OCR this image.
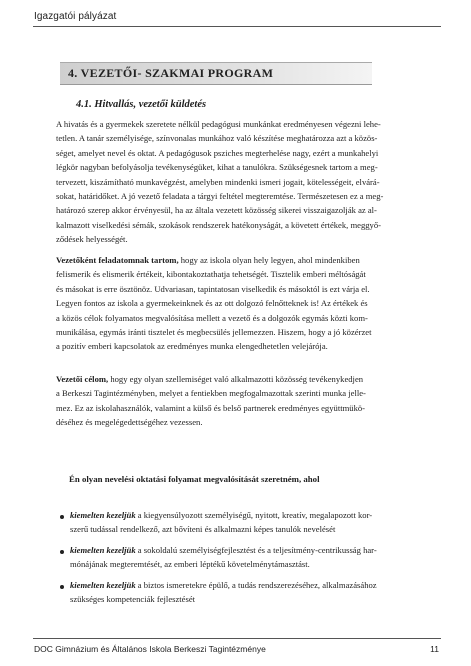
Igazgatói pályázat
4. VEZETŐI- SZAKMAI PROGRAM
4.1. Hitvallás, vezetői küldetés
A hivatás és a gyermekek szeretete nélkül pedagógusi munkánkat eredményesen végezni lehe-
tetlen. A tanár személyisége, színvonalas munkához való készítése meghatározza azt a közös-
séget, amelyet nevel és oktat. A pedagógusok psziches megterhelése nagy, ezért a munkahelyi
légkör nagyban befolyásolja tevékenységüket, kihat a tanulókra. Szükségesnek tartom a meg-
tervezett, kiszámítható munkavégzést, amelyben mindenki ismeri jogait, kötelességeit, elvárá-
sokat, határidőket. A jó vezető feladata a tárgyi feltétel megteremtése. Természetesen ez a meg-
határozó szerep akkor érvényesül, ha az általa vezetett közösség sikerei visszaigazolják az al-
kalmazott viselkedési sémák, szokások rendszerek hatékonyságát, a követett értékek, meggyő-
ződések helyességét.
Vezetőként feladatomnak tartom, hogy az iskola olyan hely legyen, ahol mindenkiben
felismerik és elismerik értékeit, kibontakoztathatja tehetségét. Tisztelik emberi méltóságát
és másokat is erre ösztönöz. Udvariasan, tapintatosan viselkedik és másoktól is ezt várja el.
Legyen fontos az iskola a gyermekeinknek és az ott dolgozó felnőtteknek is! Az értékek és
a közös célok folyamatos megvalósítása mellett a vezető és a dolgozók egymás közti kom-
munikálása, egymás iránti tisztelet és megbecsülés jellemezzen. Hiszem, hogy a jó közérzet
a pozitív emberi kapcsolatok az eredményes munka elengedhetetlen velejárója.
Vezetői célom, hogy egy olyan szellemiséget való alkalmazotti közösség tevékenykedjen
a Berkeszi Tagintézményben, melyet a fentiekben megfogalmazottak szerinti munka jelle-
mez. Ez az iskolahasználók, valamint a külső és belső partnerek eredményes együttmükö-
déséhez és megelégedettségéhez vezessen.
Én olyan nevelési oktatási folyamat megvalósítását szeretném, ahol
kiemelten kezeljük a kiegyensúlyozott személyiségű, nyitott, kreatív, megalapozott kor-
szerű tudással rendelkező, azt bővíteni és alkalmazni képes tanulók nevelését
kiemelten kezeljük a sokoldalú személyiségfejlesztést és a teljesítmény-centrikusság har-
mónájának megteremtését, az emberi léptékű követelménytámasztást.
kiemelten kezeljük a biztos ismeretekre épülő, a tudás rendszerezéséhez, alkalmazásához
szükséges kompetenciák fejlesztését
DOC Gimnázium és Általános Iskola Berkeszi Tagintézménye	11
